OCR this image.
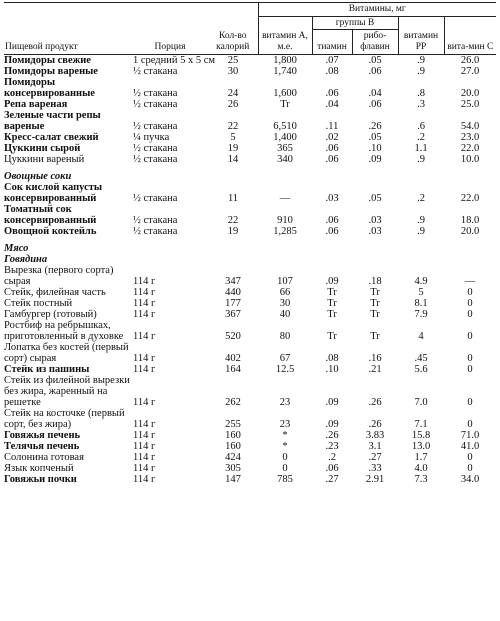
Пищевой продукт	Порция	Кол-во калорий	Витамины, мг				
			витамин А, м.е.	группы В		витамин PP	вита-мин С
				тиамин	рибо-флавин		
Помидоры свежие	1 средний 5 x 5 см	25	1,800	.07	.05	.9	26.0
Помидоры вареные	½ стакана	30	1,740	.08	.06	.9	27.0
Помидоры консервированные	½ стакана	24	1,600	.06	.04	.8	20.0
Репа вареная	½ стакана	26	Tr	.04	.06	.3	25.0
Зеленые части репы вареные	½ стакана	22	6,510	.11	.26	.6	54.0
Кресс-салат свежий	¼ пучка	5	1,400	.02	.05	.2	23.0
Цуккини сырой	½ стакана	19	365	.06	.10	1.1	22.0
Цуккини вареный	½ стакана	14	340	.06	.09	.9	10.0
Овощные соки							
Сок кислой капусты консервированный	½ стакана	11	—	.03	.05	.2	22.0
Томатный сок консервированный	½ стакана	22	910	.06	.03	.9	18.0
Овощной коктейль	½ стакана	19	1,285	.06	.03	.9	20.0
Мясо							
Говядина							
Вырезка (первого сорта) сырая	114 г	347	107	.09	.18	4.9	—
Стейк, филейная часть	114 г	440	66	Tr	Tr	5	0
Стейк постный	114 г	177	30	Tr	Tr	8.1	0
Гамбургер (готовый)	114 г	367	40	Tr	Tr	7.9	0
Ростбиф на ребрышках, приготовленный в духовке	114 г	520	80	Tr	Tr	4	0
Лопатка без костей (первый сорт) сырая	114 г	402	67	.08	.16	.45	0
Стейк из пашины	114 г	164	12.5	.10	.21	5.6	0
Стейк из филейной вырезки без жира, жаренный на решетке	114 г	262	23	.09	.26	7.0	0
Стейк на косточке (первый сорт, без жира)	114 г	255	23	.09	.26	7.1	0
Говяжья печень	114 г	160	*	.26	3.83	15.8	71.0
Телячья печень	114 г	160	*	.23	3.1	13.0	41.0
Солонина готовая	114 г	424	0	.2	.27	1.7	0
Язык копченый	114 г	305	0	.06	.33	4.0	0
Говяжьи почки	114 г	147	785	.27	2.91	7.3	34.0
